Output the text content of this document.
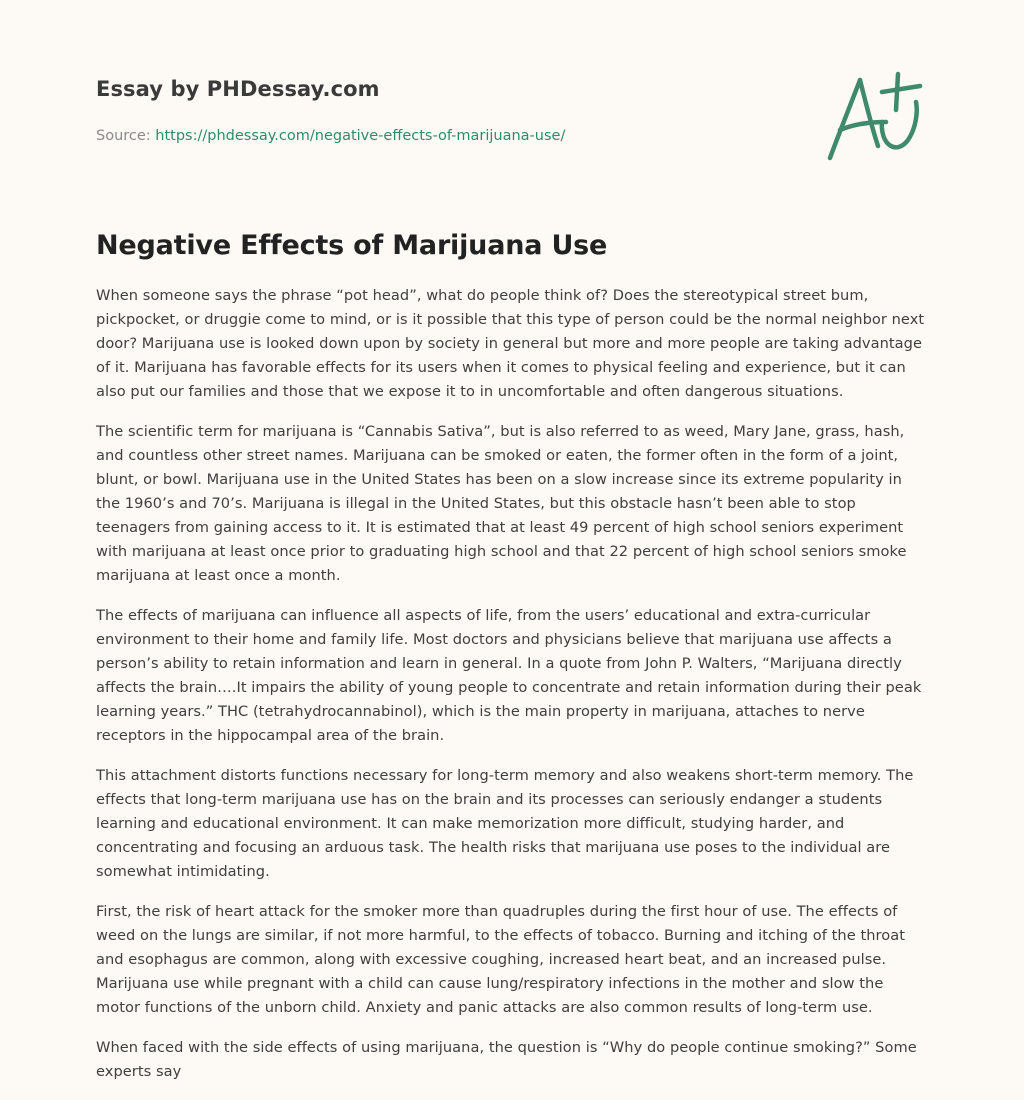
Essay by PHDessay.com
Source: https://phdessay.com/negative-effects-of-marijuana-use/
Negative Effects of Marijuana Use

When someone says the phrase “pot head”, what do people think of? Does the stereotypical street bum, pickpocket, or druggie come to mind, or is it possible that this type of person could be the normal neighbor next door? Marijuana use is looked down upon by society in general but more and more people are taking advantage of it. Marijuana has favorable effects for its users when it comes to physical feeling and experience, but it can also put our families and those that we expose it to in uncomfortable and often dangerous situations.

The scientific term for marijuana is “Cannabis Sativa”, but is also referred to as weed, Mary Jane, grass, hash, and countless other street names. Marijuana can be smoked or eaten, the former often in the form of a joint, blunt, or bowl. Marijuana use in the United States has been on a slow increase since its extreme popularity in the 1960’s and 70’s. Marijuana is illegal in the United States, but this obstacle hasn’t been able to stop teenagers from gaining access to it. It is estimated that at least 49 percent of high school seniors experiment with marijuana at least once prior to graduating high school and that 22 percent of high school seniors smoke marijuana at least once a month.

The effects of marijuana can influence all aspects of life, from the users’ educational and extra-curricular environment to their home and family life. Most doctors and physicians believe that marijuana use affects a person’s ability to retain information and learn in general. In a quote from John P. Walters, “Marijuana directly affects the brain….It impairs the ability of young people to concentrate and retain information during their peak learning years.” THC (tetrahydrocannabinol), which is the main property in marijuana, attaches to nerve receptors in the hippocampal area of the brain.

This attachment distorts functions necessary for long-term memory and also weakens short-term memory. The effects that long-term marijuana use has on the brain and its processes can seriously endanger a students learning and educational environment. It can make memorization more difficult, studying harder, and concentrating and focusing an arduous task. The health risks that marijuana use poses to the individual are somewhat intimidating.

First, the risk of heart attack for the smoker more than quadruples during the first hour of use. The effects of weed on the lungs are similar, if not more harmful, to the effects of tobacco. Burning and itching of the throat and esophagus are common, along with excessive coughing, increased heart beat, and an increased pulse. Marijuana use while pregnant with a child can cause lung/respiratory infections in the mother and slow the motor functions of the unborn child. Anxiety and panic attacks are also common results of long-term use.

When faced with the side effects of using marijuana, the question is “Why do people continue smoking?” Some experts say
